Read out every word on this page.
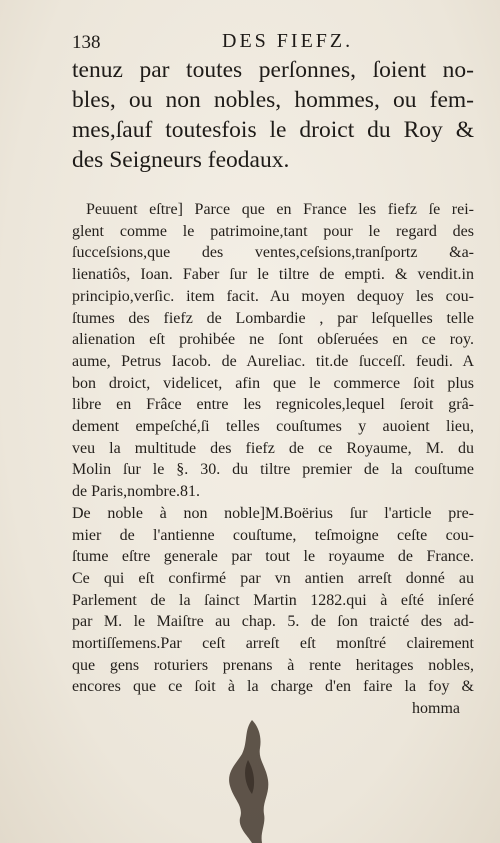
138	DES FIEFZ.
tenuz par toutes perſonnes, ſoient no-
bles, ou non nobles, hommes, ou fem-
mes,ſauf toutesfois le droict du Roy &
des Seigneurs feodaux.
Peuuent eſtre] Parce que en France les fiefz ſe rei-
glent comme le patrimoine,tant pour le regard des
ſucceſsions,que des ventes,ceſsions,tranſportz &a-
lienatiôs, Ioan. Faber ſur le tiltre de empti. & vendit.in
principio,verſic. item facit. Au moyen dequoy les cou-
ſtumes des fiefz de Lombardie , par leſquelles telle
alienation eſt prohibée ne ſont obſeruées en ce roy.
aume, Petrus Iacob. de Aureliac. tit.de ſucceſſ. feudi. A
bon droict, videlicet, afin que le commerce ſoit plus
libre en Frâce entre les regnicoles,lequel ſeroit grâ-
dement empeſché,ſi telles couſtumes y auoient lieu,
veu la multitude des fiefz de ce Royaume, M. du
Molin ſur le §. 30. du tiltre premier de la couſtume
de Paris,nombre.81.
De noble à non noble]M.Boërius ſur l'article pre-
mier de l'antienne couſtume, teſmoigne ceſte cou-
ſtume eſtre generale par tout le royaume de France.
Ce qui eſt confirmé par vn antien arreſt donné au
Parlement de la ſainct Martin 1282.qui à eſté inſeré
par M. le Maiſtre au chap. 5. de ſon traicté des ad-
mortiſſemens.Par ceſt arreſt eſt monſtré clairement
que gens roturiers prenans à rente heritages nobles,
encores que ce ſoit à la charge d'en faire la foy &
homma
